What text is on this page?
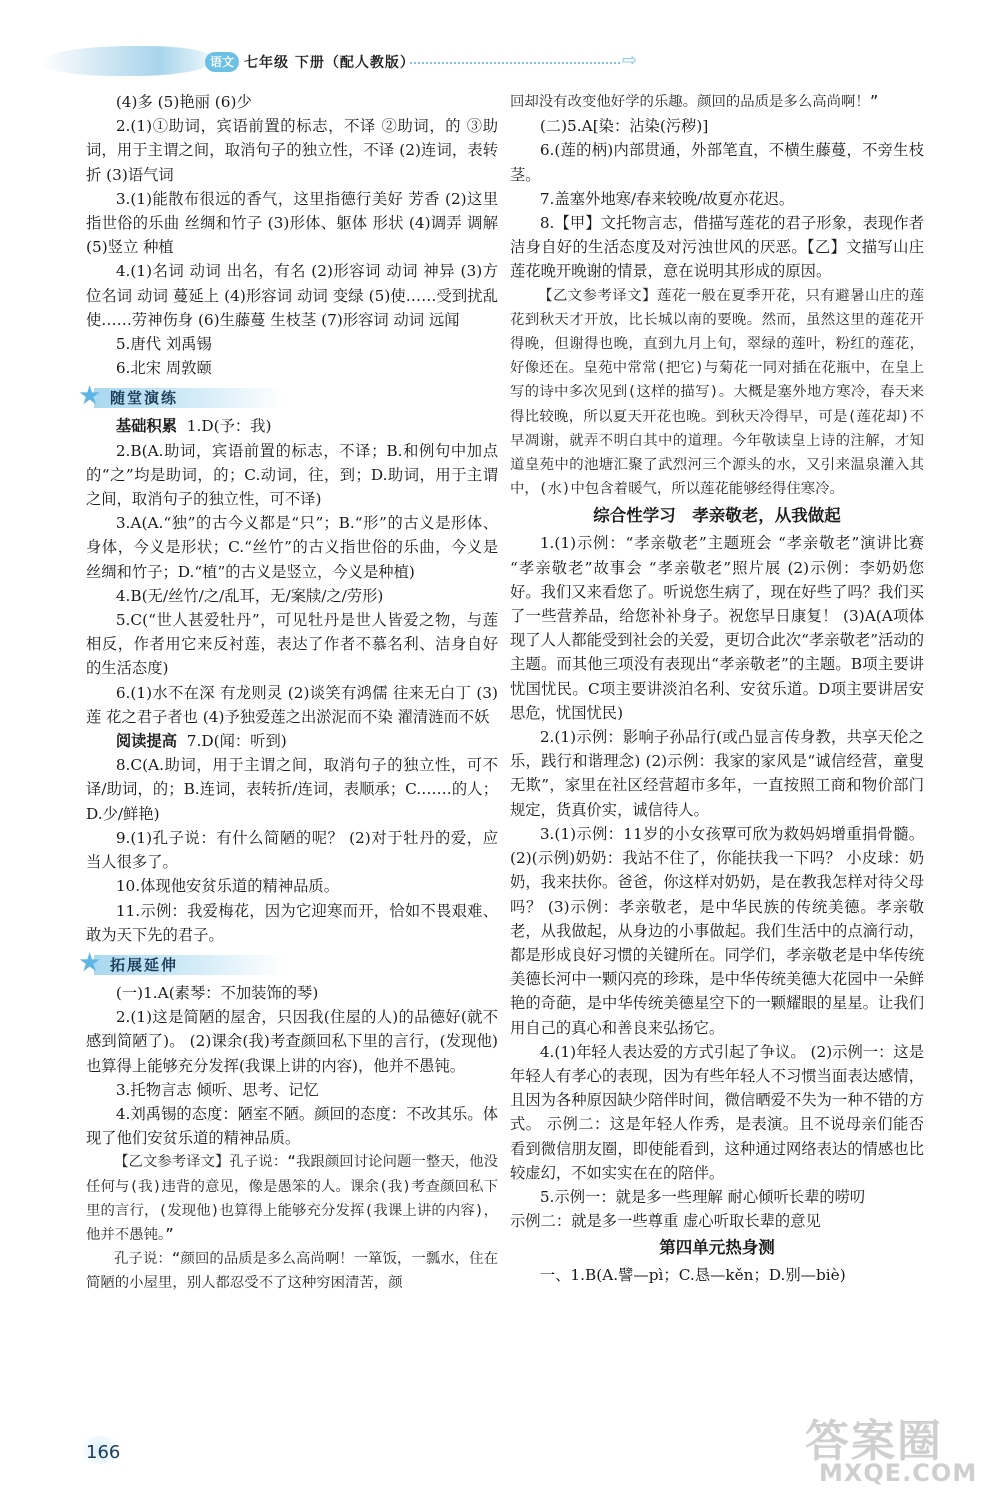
语文 七年级 下册（配人教版）	⇨

(4)多 (5)艳丽 (6)少

2.(1)①助词，宾语前置的标志，不译 ②助词，的 ③助词，用于主谓之间，取消句子的独立性，不译 (2)连词，表转折 (3)语气词

3.(1)能散布很远的香气，这里指德行美好 芳香 (2)这里指世俗的乐曲 丝绸和竹子 (3)形体、躯体 形状 (4)调弄 调解 (5)竖立 种植

4.(1)名词 动词 出名，有名 (2)形容词 动词 神异 (3)方位名词 动词 蔓延上 (4)形容词 动词 变绿 (5)使……受到扰乱 使……劳神伤身 (6)生藤蔓 生枝茎 (7)形容词 动词 远闻

5.唐代 刘禹锡

6.北宋 周敦颐

★ 随堂演练

基础积累 1.D(予：我)

2.B(A.助词，宾语前置的标志，不译；B.和例句中加点的“之”均是助词，的；C.动词，往，到；D.助词，用于主谓之间，取消句子的独立性，可不译)

3.A(A.“独”的古今义都是“只”；B.“形”的古义是形体、身体，今义是形状；C.“丝竹”的古义指世俗的乐曲，今义是丝绸和竹子；D.“植”的古义是竖立，今义是种植)

4.B(无/丝竹/之/乱耳，无/案牍/之/劳形)

5.C(“世人甚爱牡丹”，可见牡丹是世人皆爱之物，与莲相反，作者用它来反衬莲，表达了作者不慕名利、洁身自好的生活态度)

6.(1)水不在深 有龙则灵 (2)谈笑有鸿儒 往来无白丁 (3)莲 花之君子者也 (4)予独爱莲之出淤泥而不染 濯清涟而不妖

阅读提高 7.D(闻：听到)

8.C(A.助词，用于主谓之间，取消句子的独立性，可不译/助词，的；B.连词，表转折/连词，表顺承；C.……的人；D.少/鲜艳)

9.(1)孔子说：有什么简陋的呢？ (2)对于牡丹的爱，应当人很多了。

10.体现他安贫乐道的精神品质。

11.示例：我爱梅花，因为它迎寒而开，恰如不畏艰难、敢为天下先的君子。

★ 拓展延伸

(一)1.A(素琴：不加装饰的琴)

2.(1)这是简陋的屋舍，只因我(住屋的人)的品德好(就不感到简陋了)。 (2)课余(我)考查颜回私下里的言行，(发现他)也算得上能够充分发挥(我课上讲的内容)，他并不愚钝。

3.托物言志 倾听、思考、记忆

4.刘禹锡的态度：陋室不陋。颜回的态度：不改其乐。体现了他们安贫乐道的精神品质。

【乙文参考译文】孔子说：“我跟颜回讨论问题一整天，他没任何与(我)违背的意见，像是愚笨的人。课余(我)考查颜回私下里的言行，(发现他)也算得上能够充分发挥(我课上讲的内容)，他并不愚钝。”

孔子说：“颜回的品质是多么高尚啊！一箪饭，一瓢水，住在简陋的小屋里，别人都忍受不了这种穷困清苦，颜

回却没有改变他好学的乐趣。颜回的品质是多么高尚啊！”

(二)5.A[染：沾染(污秽)]

6.(莲的柄)内部贯通，外部笔直，不横生藤蔓，不旁生枝茎。

7.盖塞外地寒/春来较晚/故夏亦花迟。

8.【甲】文托物言志，借描写莲花的君子形象，表现作者洁身自好的生活态度及对污浊世风的厌恶。【乙】文描写山庄莲花晚开晚谢的情景，意在说明其形成的原因。

【乙文参考译文】莲花一般在夏季开花，只有避暑山庄的莲花到秋天才开放，比长城以南的要晚。然而，虽然这里的莲花开得晚，但谢得也晚，直到九月上旬，翠绿的莲叶，粉红的莲花，好像还在。皇苑中常常(把它)与菊花一同对插在花瓶中，在皇上写的诗中多次见到(这样的描写)。大概是塞外地方寒冷，春天来得比较晚，所以夏天开花也晚。到秋天冷得早，可是(莲花却)不早凋谢，就弄不明白其中的道理。今年敬读皇上诗的注解，才知道皇苑中的池塘汇聚了武烈河三个源头的水，又引来温泉灌入其中，(水)中包含着暖气，所以莲花能够经得住寒冷。

综合性学习　孝亲敬老，从我做起

1.(1)示例：“孝亲敬老”主题班会 “孝亲敬老”演讲比赛 “孝亲敬老”故事会 “孝亲敬老”照片展 (2)示例：李奶奶您好。我们又来看您了。听说您生病了，现在好些了吗？我们买了一些营养品，给您补补身子。祝您早日康复！ (3)A(A项体现了人人都能受到社会的关爱，更切合此次“孝亲敬老”活动的主题。而其他三项没有表现出“孝亲敬老”的主题。B项主要讲忧国忧民。C项主要讲淡泊名利、安贫乐道。D项主要讲居安思危，忧国忧民)

2.(1)示例：影响子孙品行(或凸显言传身教，共享天伦之乐，践行和谐理念) (2)示例：我家的家风是“诚信经营，童叟无欺”，家里在社区经营超市多年，一直按照工商和物价部门规定，货真价实，诚信待人。

3.(1)示例：11岁的小女孩覃可欣为救妈妈增重捐骨髓。 (2)(示例)奶奶：我站不住了，你能扶我一下吗？ 小皮球：奶奶，我来扶你。爸爸，你这样对奶奶，是在教我怎样对待父母吗？ (3)示例：孝亲敬老，是中华民族的传统美德。孝亲敬老，从我做起，从身边的小事做起。我们生活中的点滴行动，都是形成良好习惯的关键所在。同学们，孝亲敬老是中华传统美德长河中一颗闪亮的珍珠，是中华传统美德大花园中一朵鲜艳的奇葩，是中华传统美德星空下的一颗耀眼的星星。让我们用自己的真心和善良来弘扬它。

4.(1)年轻人表达爱的方式引起了争议。 (2)示例一：这是年轻人有孝心的表现，因为有些年轻人不习惯当面表达感情，且因为各种原因缺少陪伴时间，微信晒爱不失为一种不错的方式。 示例二：这是年轻人作秀，是表演。且不说母亲们能否看到微信朋友圈，即使能看到，这种通过网络表达的情感也比较虚幻，不如实实在在的陪伴。

5.示例一：就是多一些理解 耐心倾听长辈的唠叨

示例二：就是多一些尊重 虚心听取长辈的意见

第四单元热身测

一、1.B(A.譬—pì；C.恳—kěn；D.别—biè)

166	答案圈
MXQE.COM
